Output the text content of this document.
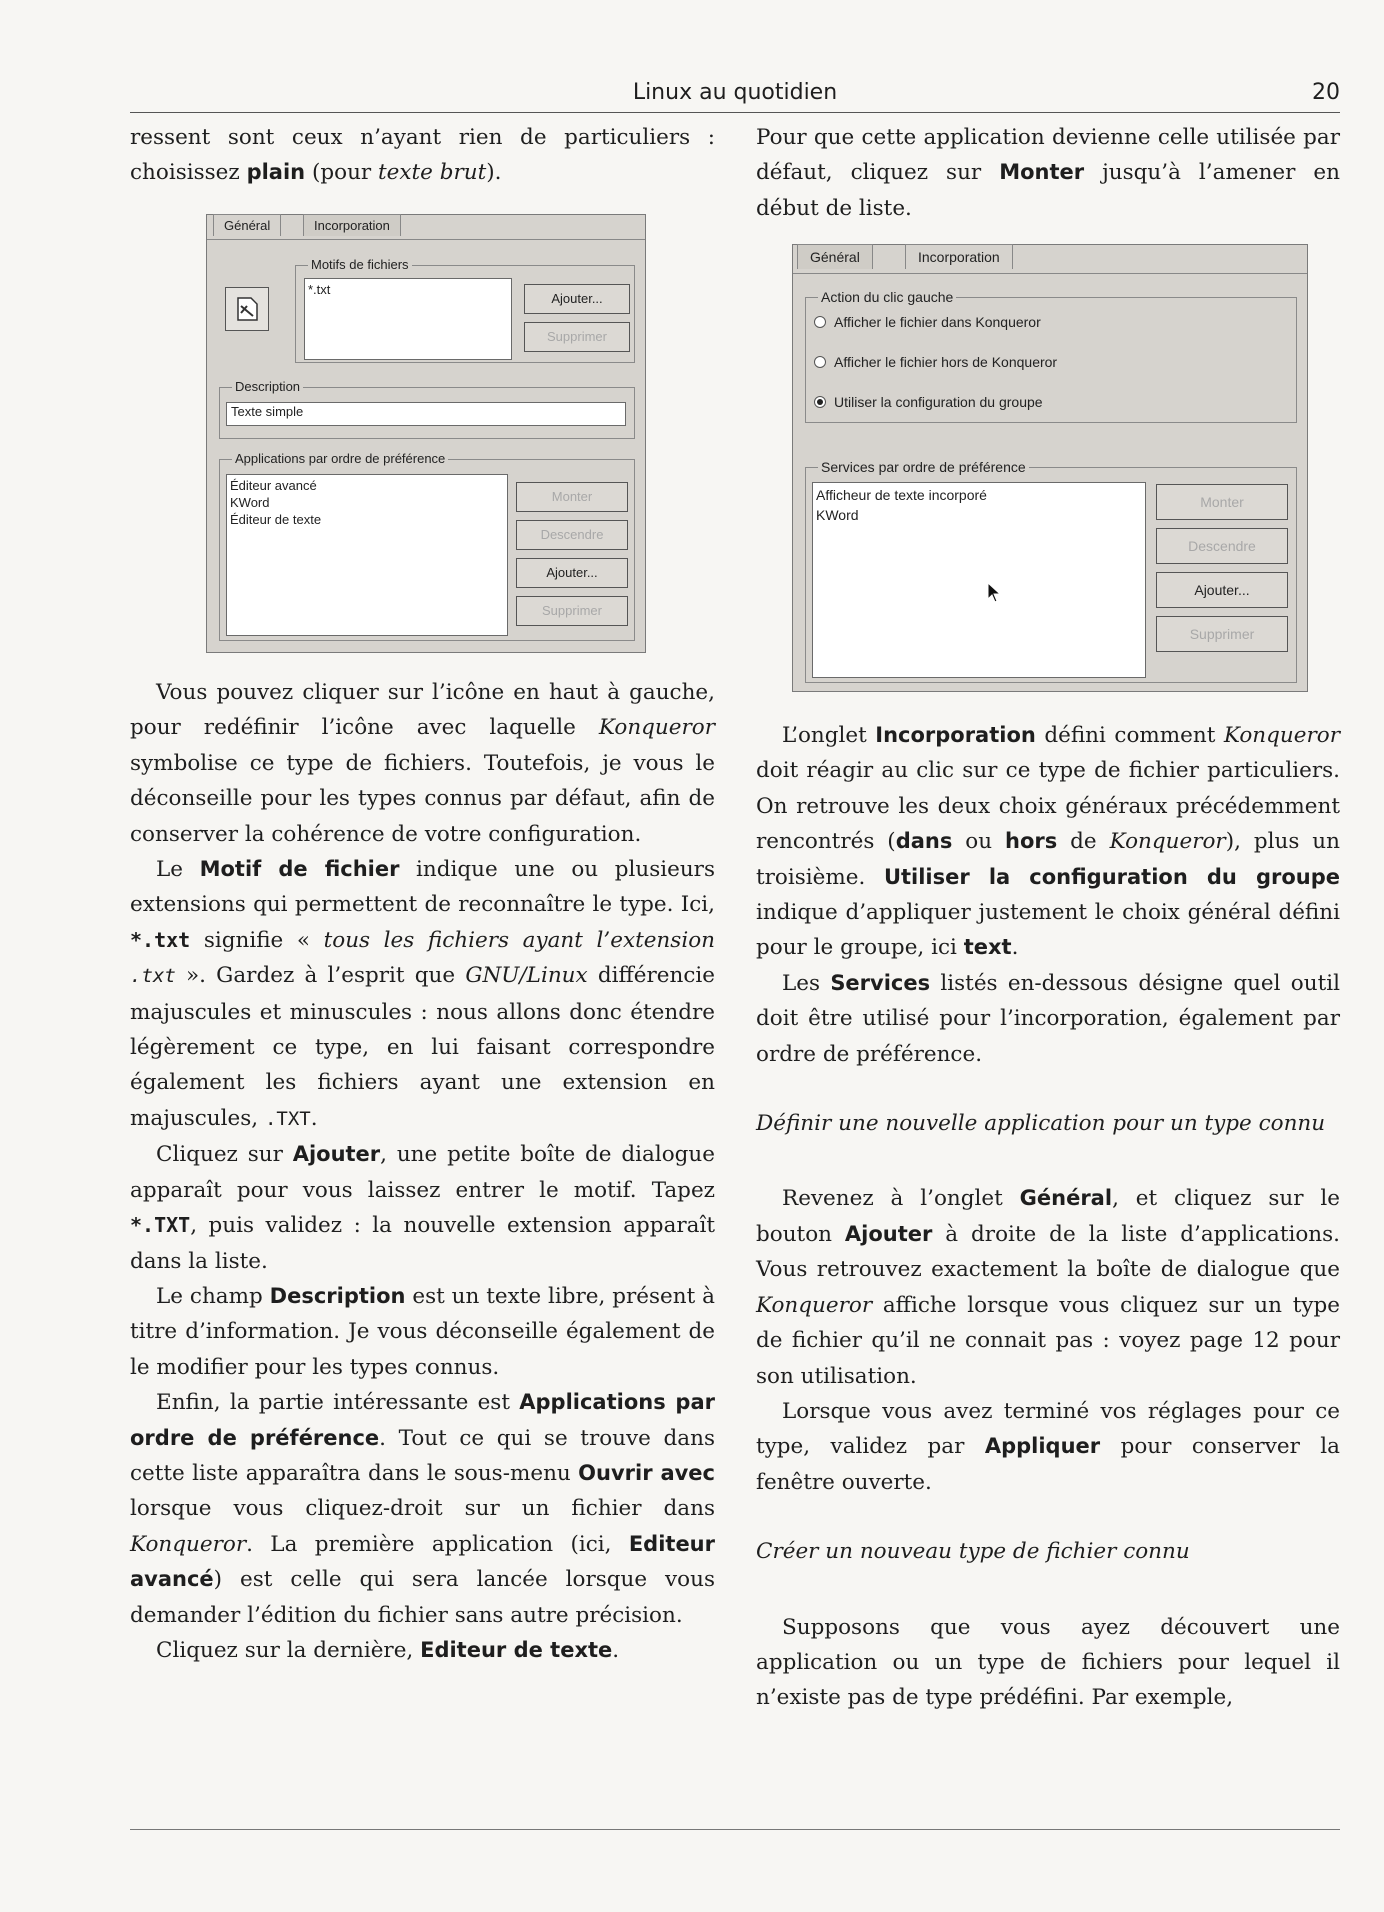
Linux au quotidien	20
Général	Incorporation
Motifs de fichiers
*.txt
Ajouter...
Supprimer
Description
Texte simple
Applications par ordre de préférence
Éditeur avancé
KWord
Éditeur de texte
Monter
Descendre
Ajouter...
Supprimer
Général	Incorporation
Action du clic gauche
Afficher le fichier dans Konqueror
Afficher le fichier hors de Konqueror
Utiliser la configuration du groupe
Services par ordre de préférence
Afficheur de texte incorporé
KWord
Monter
Descendre
Ajouter...
Supprimer

ressent sont ceux n’ayant rien de particuliers : choisissez plain (pour texte brut).

Vous pouvez cliquer sur l’icône en haut à gauche, pour redéfinir l’icône avec laquelle Konqueror symbolise ce type de fichiers. Toutefois, je vous le déconseille pour les types connus par défaut, afin de conserver la cohérence de votre configuration.

Le Motif de fichier indique une ou plusieurs extensions qui permettent de reconnaître le type. Ici, *.txt signifie « tous les fichiers ayant l’extension .txt ». Gardez à l’esprit que GNU/Linux différencie majuscules et minuscules : nous allons donc étendre légèrement ce type, en lui faisant correspondre également les fichiers ayant une extension en majuscules, .TXT.

Cliquez sur Ajouter, une petite boîte de dialogue apparaît pour vous laissez entrer le motif. Tapez *.TXT, puis validez : la nouvelle extension apparaît dans la liste.

Le champ Description est un texte libre, présent à titre d’information. Je vous déconseille également de le modifier pour les types connus.

Enfin, la partie intéressante est Applications par ordre de préférence. Tout ce qui se trouve dans cette liste apparaîtra dans le sous-menu Ouvrir avec lorsque vous cliquez-droit sur un fichier dans Konqueror. La première application (ici, Editeur avancé) est celle qui sera lancée lorsque vous demander l’édition du fichier sans autre précision.

Cliquez sur la dernière, Editeur de texte.

Pour que cette application devienne celle utilisée par défaut, cliquez sur Monter jusqu’à l’amener en début de liste.

L’onglet Incorporation défini comment Konqueror doit réagir au clic sur ce type de fichier particuliers. On retrouve les deux choix généraux précédemment rencontrés (dans ou hors de Konqueror), plus un troisième. Utiliser la configuration du groupe indique d’appliquer justement le choix général défini pour le groupe, ici text.

Les Services listés en-dessous désigne quel outil doit être utilisé pour l’incorporation, également par ordre de préférence.

Définir une nouvelle application pour un type connu

Revenez à l’onglet Général, et cliquez sur le bouton Ajouter à droite de la liste d’applications. Vous retrouvez exactement la boîte de dialogue que Konqueror affiche lorsque vous cliquez sur un type de fichier qu’il ne connait pas : voyez page 12 pour son utilisation.

Lorsque vous avez terminé vos réglages pour ce type, validez par Appliquer pour conserver la fenêtre ouverte.

Créer un nouveau type de fichier connu

Supposons que vous ayez découvert une application ou un type de fichiers pour lequel il n’existe pas de type prédéfini. Par exemple,
